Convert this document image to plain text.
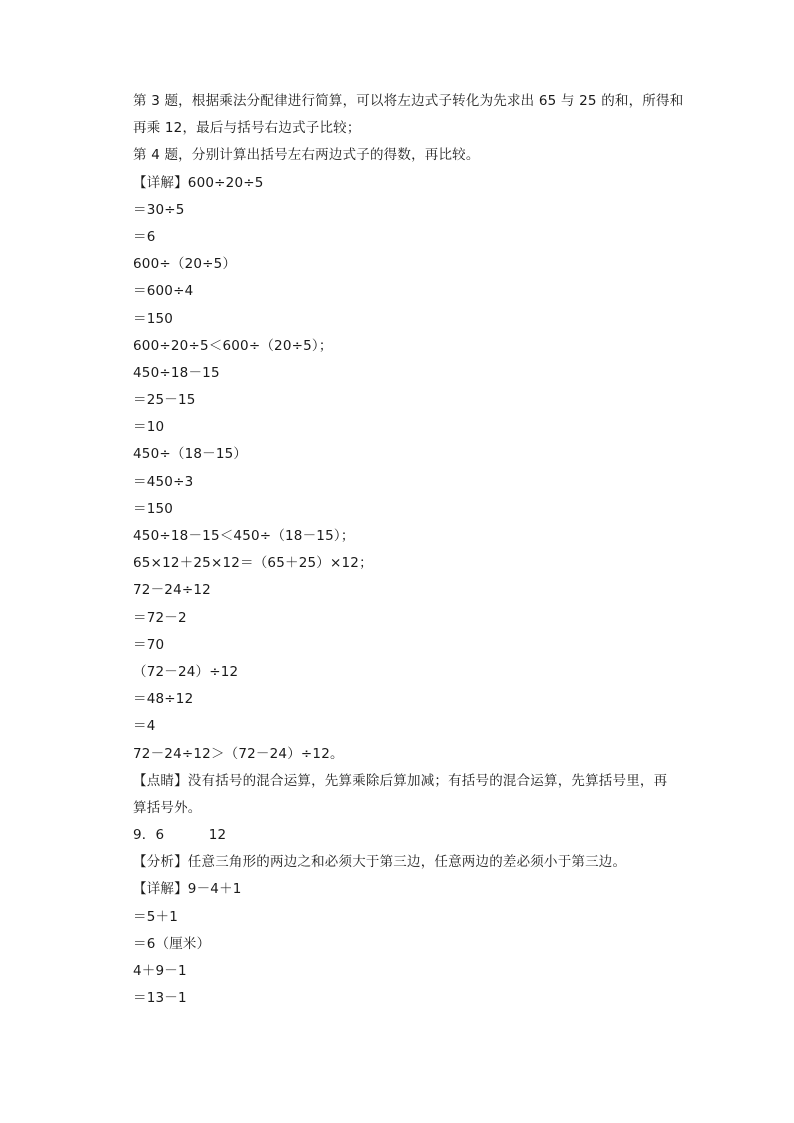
第 3 题，根据乘法分配律进行简算，可以将左边式子转化为先求出 65 与 25 的和，所得和
再乘 12，最后与括号右边式子比较；
第 4 题，分别计算出括号左右两边式子的得数，再比较。
【详解】600÷20÷5
＝30÷5
＝6
600÷（20÷5）
＝600÷4
＝150
600÷20÷5＜600÷（20÷5）；
450÷18－15
＝25－15
＝10
450÷（18－15）
＝450÷3
＝150
450÷18－15＜450÷（18－15）；
65×12＋25×12＝（65＋25）×12；
72－24÷12
＝72－2
＝70
（72－24）÷12
＝48÷12
＝4
72－24÷12＞（72－24）÷12。
【点睛】没有括号的混合运算，先算乘除后算加减；有括号的混合运算，先算括号里，再
算括号外。
9．6 12
【分析】任意三角形的两边之和必须大于第三边，任意两边的差必须小于第三边。
【详解】9－4＋1
＝5＋1
＝6（厘米）
4＋9－1
＝13－1
